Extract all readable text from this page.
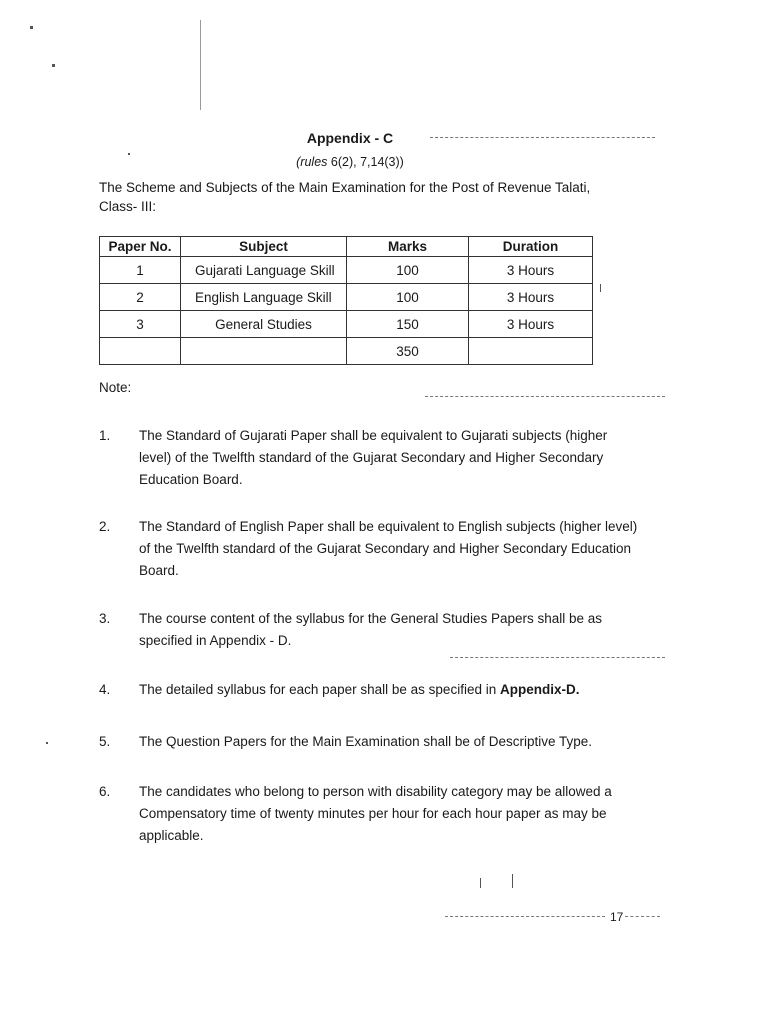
Appendix - C
(rules 6(2), 7,14(3))
The Scheme and Subjects of the Main Examination for the Post of Revenue Talati, Class- III:
Paper No.	Subject	Marks	Duration
1	Gujarati Language Skill	100	3 Hours
2	English Language Skill	100	3 Hours
3	General Studies	150	3 Hours
		350	
Note:
1. The Standard of Gujarati Paper shall be equivalent to Gujarati subjects (higher level) of the Twelfth standard of the Gujarat Secondary and Higher Secondary Education Board.
2. The Standard of English Paper shall be equivalent to English subjects (higher level) of the Twelfth standard of the Gujarat Secondary and Higher Secondary Education Board.
3. The course content of the syllabus for the General Studies Papers shall be as specified in Appendix - D.
4. The detailed syllabus for each paper shall be as specified in Appendix-D.
5. The Question Papers for the Main Examination shall be of Descriptive Type.
6. The candidates who belong to person with disability category may be allowed a Compensatory time of twenty minutes per hour for each hour paper as may be applicable.
17
